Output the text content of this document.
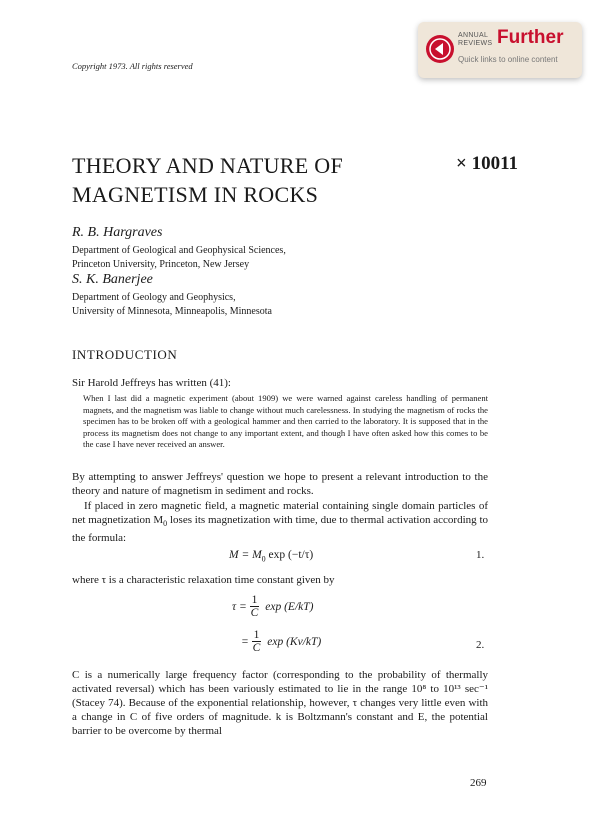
ANNUAL
REVIEWS Further
Quick links to online content
Copyright 1973. All rights reserved
THEORY AND NATURE OF
MAGNETISM IN ROCKS
× 10011
R. B. Hargraves
Department of Geological and Geophysical Sciences,
Princeton University, Princeton, New Jersey
S. K. Banerjee
Department of Geology and Geophysics,
University of Minnesota, Minneapolis, Minnesota
INTRODUCTION
Sir Harold Jeffreys has written (41):
When I last did a magnetic experiment (about 1909) we were warned against careless handling of permanent magnets, and the magnetism was liable to change without much carelessness. In studying the magnetism of rocks the specimen has to be broken off with a geological hammer and then carried to the laboratory. It is supposed that in the process its magnetism does not change to any important extent, and though I have often asked how this comes to be the case I have never received an answer.
By attempting to answer Jeffreys' question we hope to present a relevant introduction to the theory and nature of magnetism in sediment and rocks.
If placed in zero magnetic field, a magnetic material containing single domain particles of net magnetization $M_0$ loses its magnetization with time, due to thermal activation according to the formula:
$M = M_0$ exp (−t/τ)	1.
where τ is a characteristic relaxation time constant given by
$\tau = \frac{1}{C}$ exp (E/kT)
= $\frac{1}{C}$ exp (Kv/kT)	2.
C is a numerically large frequency factor (corresponding to the probability of thermally activated reversal) which has been variously estimated to lie in the range 10⁸ to 10¹³ sec⁻¹ (Stacey 74). Because of the exponential relationship, however, τ changes very little even with a change in C of five orders of magnitude. k is Boltzmann's constant and E, the potential barrier to be overcome by thermal
269
